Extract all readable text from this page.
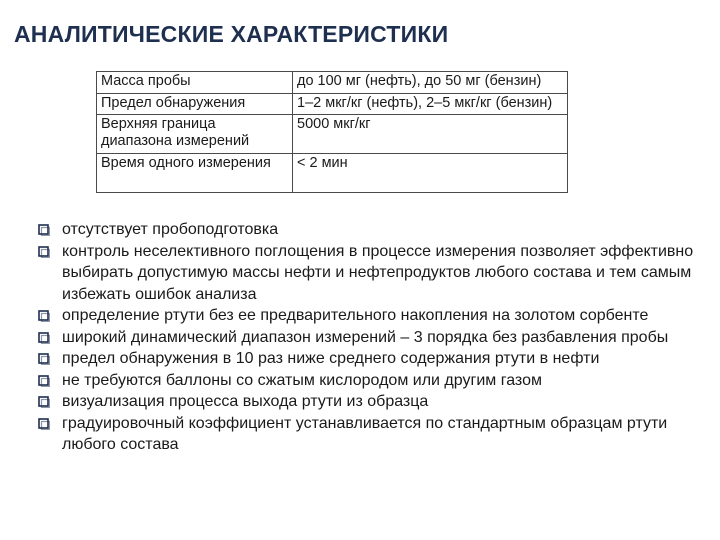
АНАЛИТИЧЕСКИЕ ХАРАКТЕРИСТИКИ
Масса пробы	до 100 мг (нефть), до 50 мг (бензин)
Предел обнаружения	1–2 мкг/кг (нефть), 2–5 мкг/кг (бензин)
Верхняя граница диапазона измерений	5000 мкг/кг
Время одного измерения	< 2 мин
отсутствует пробоподготовка
контроль неселективного поглощения в процессе измерения позволяет эффективно выбирать допустимую массы нефти и нефтепродуктов любого состава и тем самым избежать ошибок анализа
определение ртути без ее предварительного накопления на золотом сорбенте
широкий динамический диапазон измерений – 3 порядка без разбавления пробы
предел обнаружения в 10 раз ниже среднего содержания ртути в нефти
не требуются баллоны со сжатым кислородом или другим газом
визуализация процесса выхода ртути из образца
градуировочный коэффициент устанавливается по стандартным образцам ртути любого состава
